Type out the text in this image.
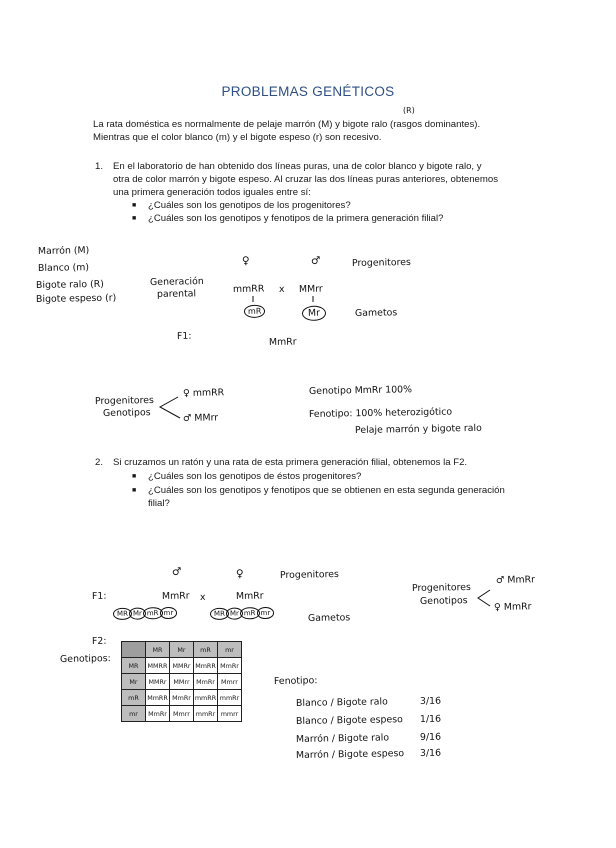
PROBLEMAS GENÉTICOS
(R)
La rata doméstica es normalmente de pelaje marrón (M) y bigote ralo (rasgos dominantes).
Mientras que el color blanco (m) y el bigote espeso (r) son recesivo.
1. En el laboratorio de han obtenido dos líneas puras, una de color blanco y bigote ralo, y
otra de color marrón y bigote espeso. Al cruzar las dos líneas puras anteriores, obtenemos
una primera generación todos iguales entre sí:
■ ¿Cuáles son los genotipos de los progenitores?
■ ¿Cuáles son los genotipos y fenotipos de la primera generación filial?
Marrón (M)
Blanco (m)
Bigote ralo (R)
Bigote espeso (r)
Generación
parental
♀	♂	Progenitores
mmRR x MMrr
mR	Mr	Gametos
F1:
MmRr
Progenitores
Genotipos
♀ mmRR
♂ MMrr
Genotipo MmRr 100%
Fenotipo: 100% heterozigótico
Pelaje marrón y bigote ralo
2. Si cruzamos un ratón y una rata de esta primera generación filial, obtenemos la F2.
■ ¿Cuáles son los genotipos de éstos progenitores?
■ ¿Cuáles son los genotipos y fenotipos que se obtienen en esta segunda generación
filial?
♂	♀	Progenitores
F1:	MmRr x	MmRr
MR Mr mR mr	MR Mr mR mr	Gametos
Progenitores
Genotipos
♂ MmRr
♀ MmRr
F2:
Genotipos:
	MR	Mr	mR	mr
MR	MMRR	MMRr	MmRR	MmRr
Mr	MMRr	MMrr	MmRr	Mmrr
mR	MmRR	MmRr	mmRR	mmRr
mr	MmRr	Mmrr	mmRr	mmrr
Fenotipo:
Blanco / Bigote ralo	3/16
Blanco / Bigote espeso 1/16
Marrón / Bigote ralo	9/16
Marrón / Bigote espeso 3/16
